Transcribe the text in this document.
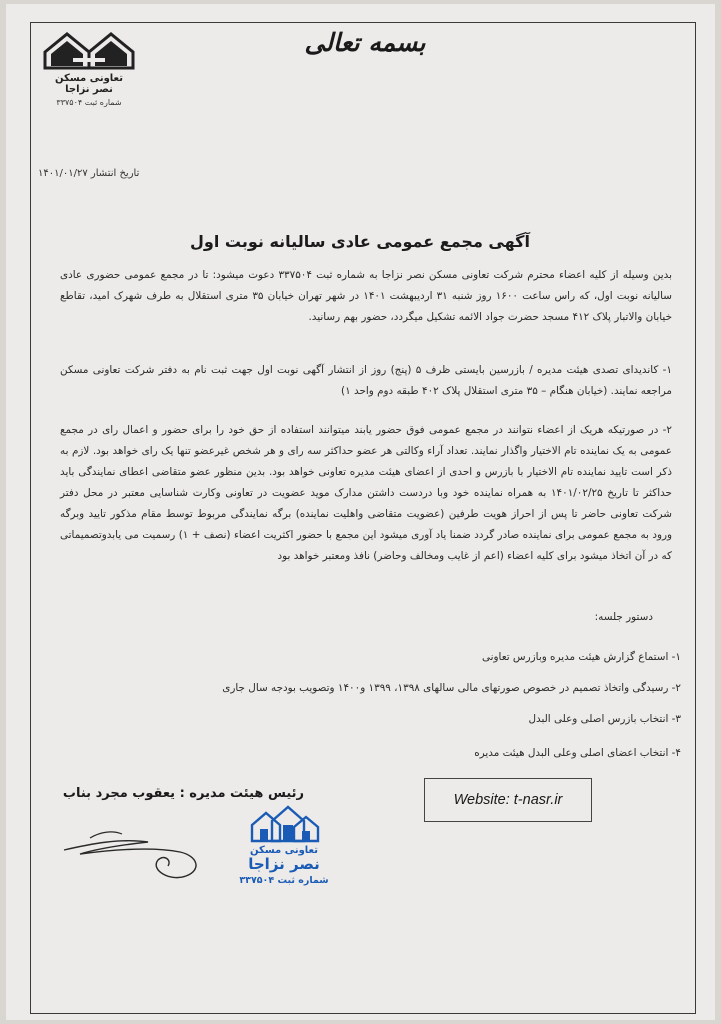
بسمه تعالی
تعاونی مسکن
نصر نزاجا
شماره ثبت ۳۳۷۵۰۴
تاریخ انتشار ۱۴۰۱/۰۱/۲۷
آگهی مجمع عمومی عادی سالیانه نوبت اول
بدین وسیله از کلیه اعضاء محترم شرکت تعاونی مسکن نصر نزاجا به شماره ثبت ۳۳۷۵۰۴ دعوت میشود: تا در مجمع عمومی حضوری عادی سالیانه نوبت اول، که راس ساعت ۱۶۰۰ روز شنبه ۳۱ اردیبهشت ۱۴۰۱ در شهر تهران خیابان ۳۵ متری استقلال به طرف شهرک امید، تقاطع خیابان والاتبار پلاک ۴۱۲ مسجد حضرت جواد الائمه تشکیل میگردد، حضور بهم رسانید.
۱- کاندیدای تصدی هیئت مدیره / بازرسین بایستی ظرف ۵ (پنج) روز از انتشار آگهی نوبت اول جهت ثبت نام به دفتر شرکت تعاونی مسکن مراجعه نمایند. (خیابان هنگام – ۳۵ متری استقلال پلاک ۴۰۲ طبقه دوم واحد ۱)
۲- در صورتیکه هریک از اعضاء نتوانند در مجمع عمومی فوق حضور یابند میتوانند استفاده از حق خود را برای حضور و اعمال رای در مجمع عمومی به یک نماینده تام الاختیار واگذار نمایند. تعداد آراء وکالتی هر عضو حداکثر سه رای و هر شخص غیرعضو تنها یک رای خواهد بود. لازم به ذکر است تایید نماینده تام الاختیار با بازرس و احدی از اعضای هیئت مدیره تعاونی خواهد بود. بدین منظور عضو متقاضی اعطای نمایندگی باید حداکثر تا تاریخ ۱۴۰۱/۰۲/۲۵ به همراه نماینده خود وبا دردست داشتن مدارک موید عضویت در تعاونی وکارت شناسایی معتبر در محل دفتر شرکت تعاونی حاضر تا پس از احراز هویت طرفین (عضویت متقاضی واهلیت نماینده) برگه نمایندگی مربوط توسط مقام مذکور تایید وبرگه ورود به مجمع عمومی برای نماینده صادر گردد ضمنا یاد آوری میشود این مجمع با حضور اکثریت اعضاء (نصف + ۱) رسمیت می یابدوتصمیماتی که در آن اتخاذ میشود برای کلیه اعضاء (اعم از غایب ومخالف وحاضر) نافذ ومعتبر خواهد بود
دستور جلسه:
۱- استماع گزارش هیئت مدیره وبازرس تعاونی
۲- رسیدگی واتخاذ تصمیم در خصوص صورتهای مالی سالهای ۱۳۹۸، ۱۳۹۹ و۱۴۰۰ وتصویب بودجه سال جاری
۳- انتخاب بازرس اصلی وعلی البدل
۴- انتخاب اعضای اصلی وعلی البدل هیئت مدیره
رئیس هیئت مدیره : یعقوب مجرد بناب	Website: t-nasr.ir
تعاونی مسکن
نصر نزاجا
شماره ثبت ۳۳۷۵۰۴
